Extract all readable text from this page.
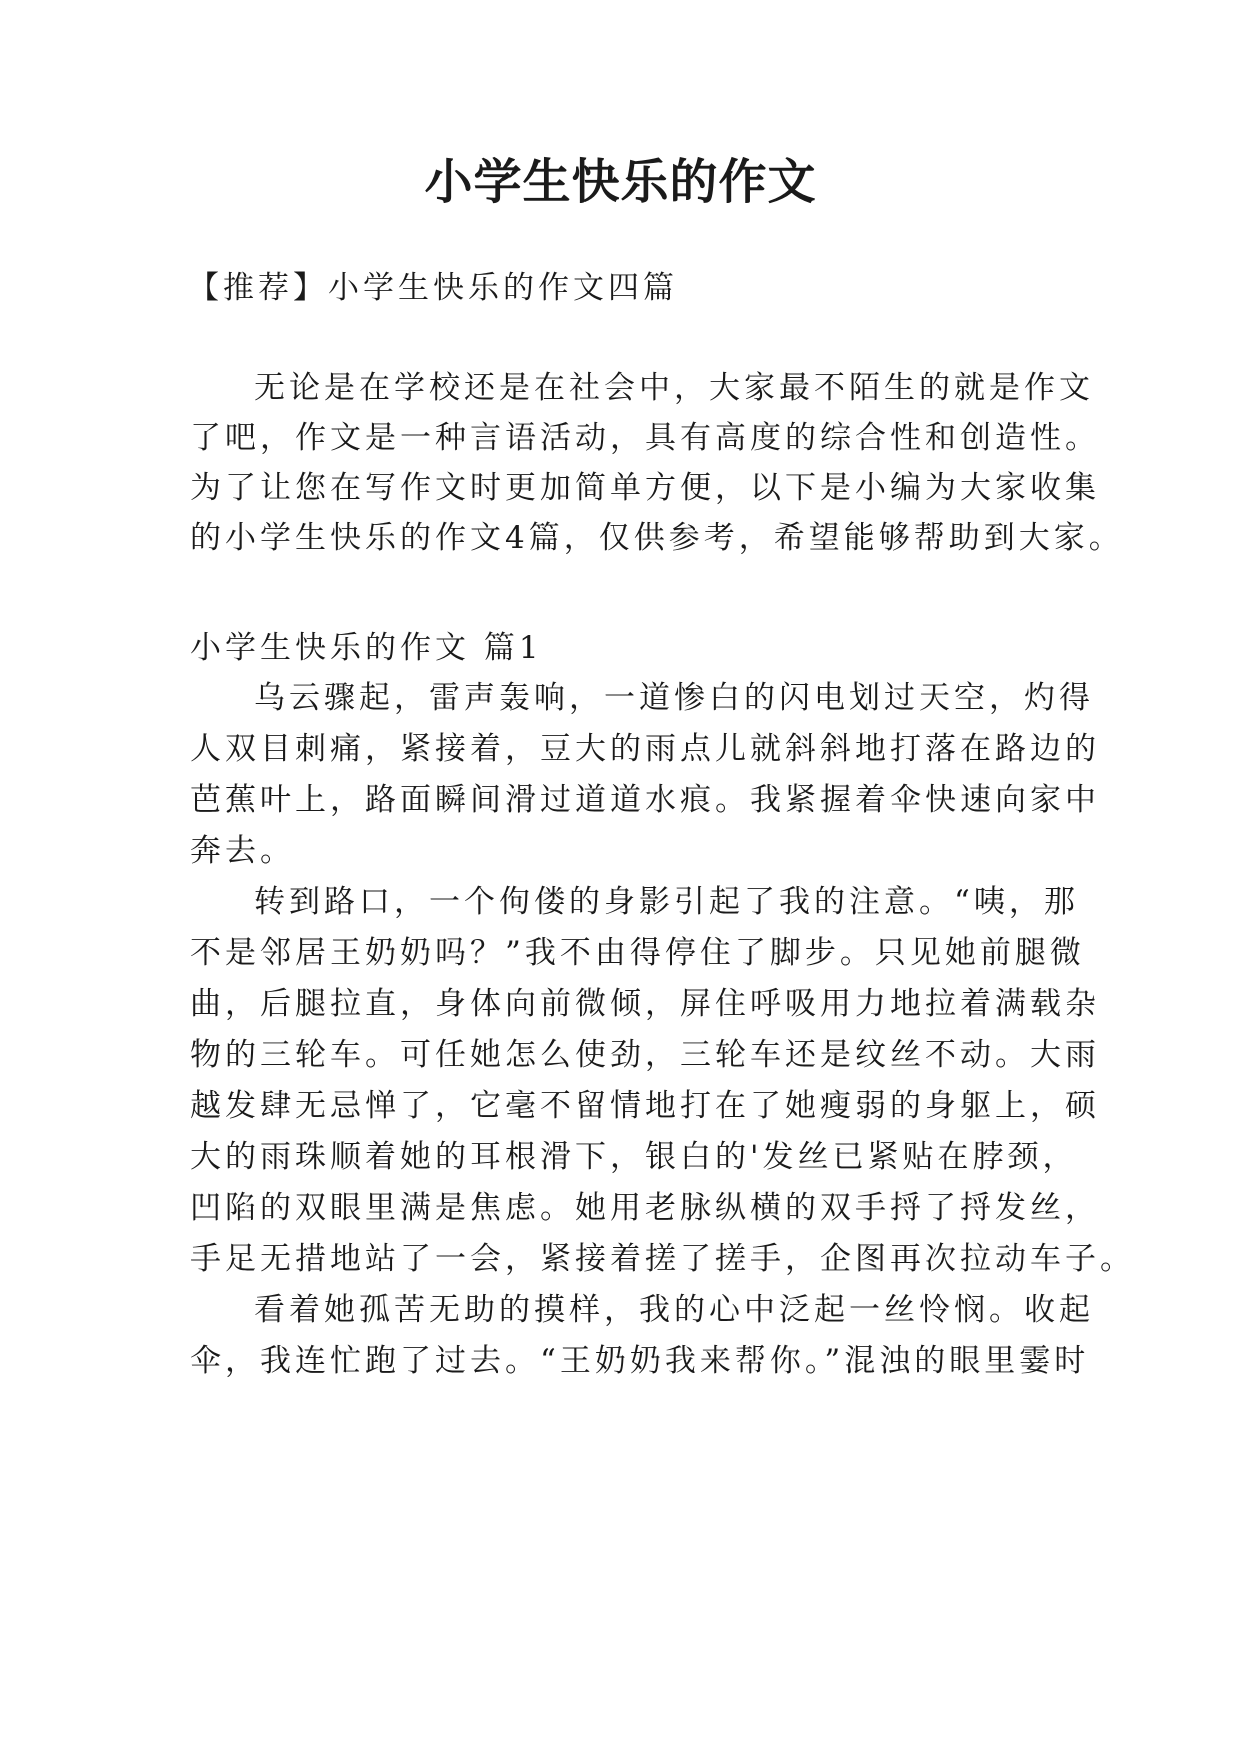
小学生快乐的作文
【推荐】小学生快乐的作文四篇
无论是在学校还是在社会中，大家最不陌生的就是作文
了吧，作文是一种言语活动，具有高度的综合性和创造性。
为了让您在写作文时更加简单方便，以下是小编为大家收集
的小学生快乐的作文4篇，仅供参考，希望能够帮助到大家。
小学生快乐的作文 篇1
乌云骤起，雷声轰响，一道惨白的闪电划过天空，灼得
人双目刺痛，紧接着，豆大的雨点儿就斜斜地打落在路边的
芭蕉叶上，路面瞬间滑过道道水痕。我紧握着伞快速向家中
奔去。
转到路口，一个佝偻的身影引起了我的注意。“咦，那
不是邻居王奶奶吗？”我不由得停住了脚步。只见她前腿微
曲，后腿拉直，身体向前微倾，屏住呼吸用力地拉着满载杂
物的三轮车。可任她怎么使劲，三轮车还是纹丝不动。大雨
越发肆无忌惮了，它毫不留情地打在了她瘦弱的身躯上，硕
大的雨珠顺着她的耳根滑下，银白的'发丝已紧贴在脖颈，
凹陷的双眼里满是焦虑。她用老脉纵横的双手捋了捋发丝，
手足无措地站了一会，紧接着搓了搓手，企图再次拉动车子。
看着她孤苦无助的摸样，我的心中泛起一丝怜悯。收起
伞，我连忙跑了过去。“王奶奶我来帮你。”混浊的眼里霎时
